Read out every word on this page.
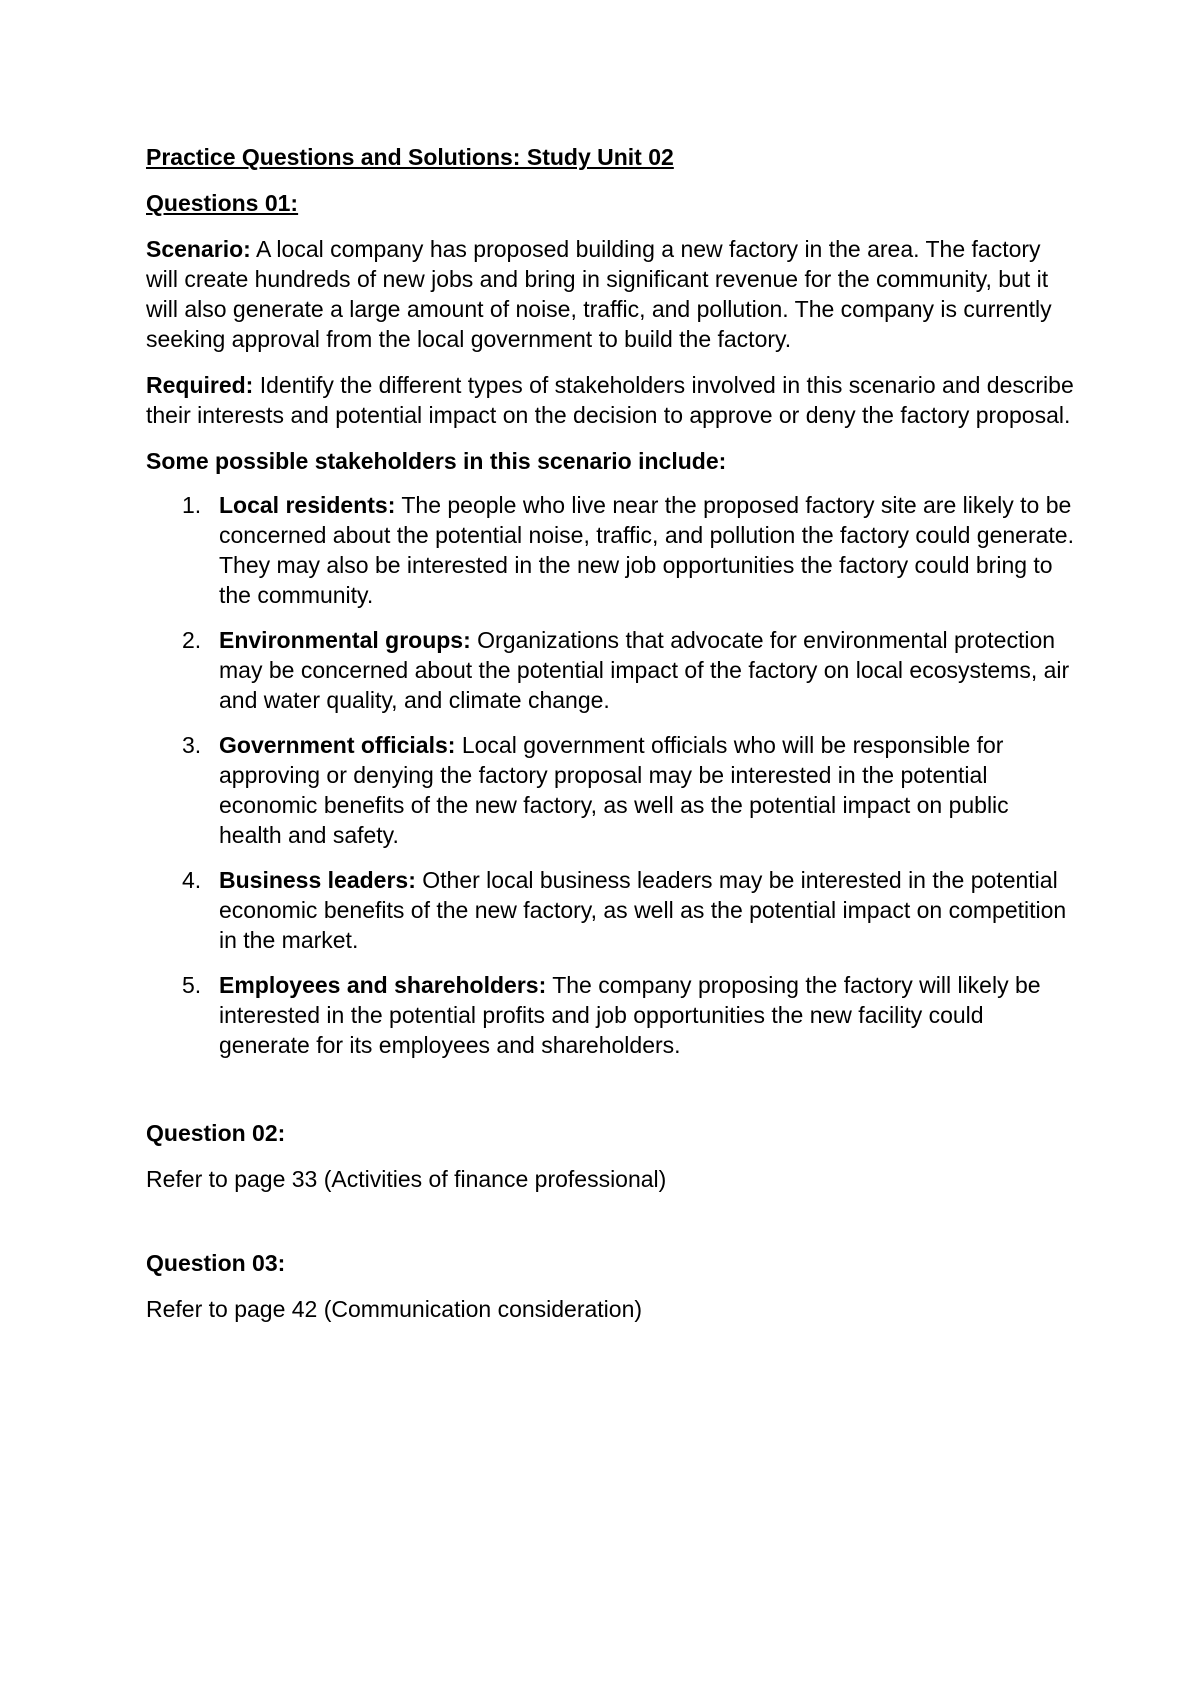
Practice Questions and Solutions: Study Unit 02

Questions 01:

Scenario: A local company has proposed building a new factory in the area. The factory will create hundreds of new jobs and bring in significant revenue for the community, but it will also generate a large amount of noise, traffic, and pollution. The company is currently seeking approval from the local government to build the factory.

Required: Identify the different types of stakeholders involved in this scenario and describe their interests and potential impact on the decision to approve or deny the factory proposal.

Some possible stakeholders in this scenario include:

1. Local residents: The people who live near the proposed factory site are likely to be concerned about the potential noise, traffic, and pollution the factory could generate. They may also be interested in the new job opportunities the factory could bring to the community.
2. Environmental groups: Organizations that advocate for environmental protection may be concerned about the potential impact of the factory on local ecosystems, air and water quality, and climate change.
3. Government officials: Local government officials who will be responsible for approving or denying the factory proposal may be interested in the potential economic benefits of the new factory, as well as the potential impact on public health and safety.
4. Business leaders: Other local business leaders may be interested in the potential economic benefits of the new factory, as well as the potential impact on competition in the market.
5. Employees and shareholders: The company proposing the factory will likely be interested in the potential profits and job opportunities the new facility could generate for its employees and shareholders.

Question 02:

Refer to page 33 (Activities of finance professional)

Question 03:

Refer to page 42 (Communication consideration)
